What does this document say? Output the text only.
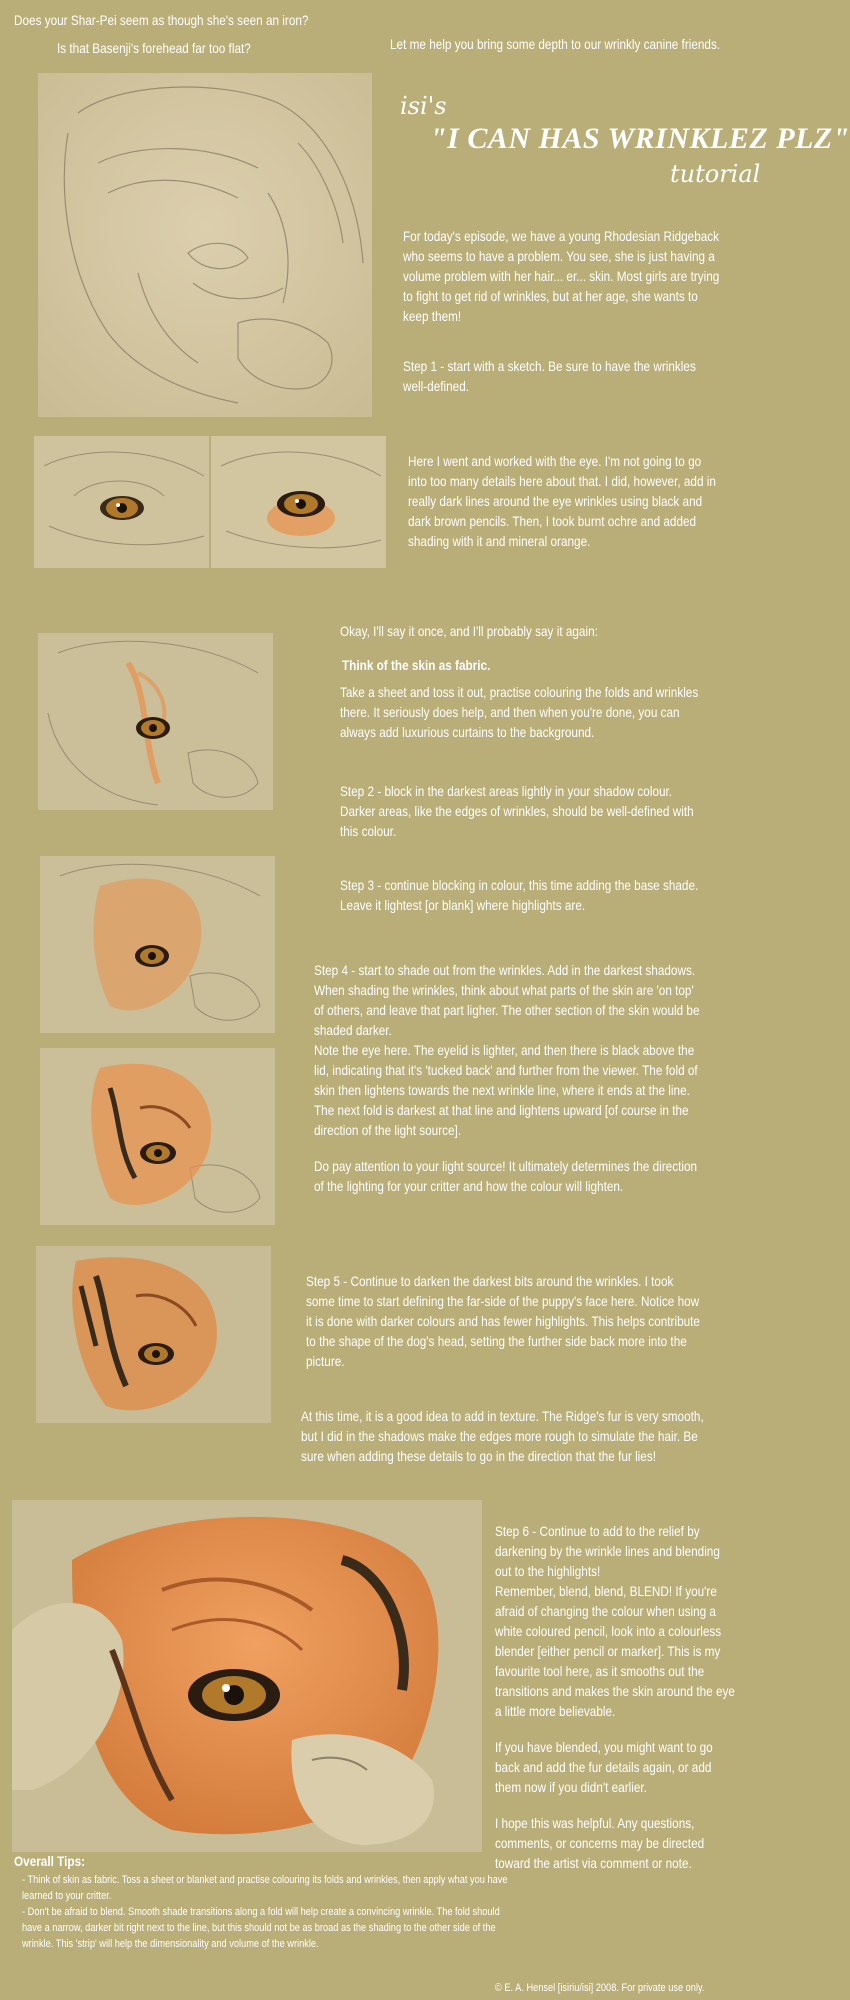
Does your Shar-Pei seem as though she's seen an iron?
Is that Basenji's forehead far too flat?	Let me help you bring some depth to our wrinkly canine friends.
isi's
"I CAN HAS WRINKLEZ PLZ"
tutorial

For today's episode, we have a young Rhodesian Ridgeback who seems to have a problem. You see, she is just having a volume problem with her hair... er... skin. Most girls are trying to fight to get rid of wrinkles, but at her age, she wants to keep them!

Step 1 - start with a sketch. Be sure to have the wrinkles well-defined.

Here I went and worked with the eye. I'm not going to go into too many details here about that. I did, however, add in really dark lines around the eye wrinkles using black and dark brown pencils. Then, I took burnt ochre and added shading with it and mineral orange.

Okay, I'll say it once, and I'll probably say it again:
Think of the skin as fabric.

Take a sheet and toss it out, practise colouring the folds and wrinkles there. It seriously does help, and then when you're done, you can always add luxurious curtains to the background.

Step 2 - block in the darkest areas lightly in your shadow colour. Darker areas, like the edges of wrinkles, should be well-defined with this colour.

Step 3 - continue blocking in colour, this time adding the base shade. Leave it lightest [or blank] where highlights are.

Step 4 - start to shade out from the wrinkles. Add in the darkest shadows. When shading the wrinkles, think about what parts of the skin are 'on top' of others, and leave that part ligher. The other section of the skin would be shaded darker.

Note the eye here. The eyelid is lighter, and then there is black above the lid, indicating that it's 'tucked back' and further from the viewer. The fold of skin then lightens towards the next wrinkle line, where it ends at the line. The next fold is darkest at that line and lightens upward [of course in the direction of the light source].

Do pay attention to your light source! It ultimately determines the direction of the lighting for your critter and how the colour will lighten.

Step 5 - Continue to darken the darkest bits around the wrinkles. I took some time to start defining the far-side of the puppy's face here. Notice how it is done with darker colours and has fewer highlights. This helps contribute to the shape of the dog's head, setting the further side back more into the picture.

At this time, it is a good idea to add in texture. The Ridge's fur is very smooth, but I did in the shadows make the edges more rough to simulate the hair. Be sure when adding these details to go in the direction that the fur lies!

Step 6 - Continue to add to the relief by darkening by the wrinkle lines and blending out to the highlights!

Remember, blend, blend, BLEND! If you're afraid of changing the colour when using a white coloured pencil, look into a colourless blender [either pencil or marker]. This is my favourite tool here, as it smooths out the transitions and makes the skin around the eye a little more believable.

If you have blended, you might want to go back and add the fur details again, or add them now if you didn't earlier.

I hope this was helpful. Any questions, comments, or concerns may be directed toward the artist via comment or note.

Overall Tips:

- Think of skin as fabric. Toss a sheet or blanket and practise colouring its folds and wrinkles, then apply what you have learned to your critter.

- Don't be afraid to blend. Smooth shade transitions along a fold will help create a convincing wrinkle. The fold should have a narrow, darker bit right next to the line, but this should not be as broad as the shading to the other side of the wrinkle. This 'strip' will help the dimensionality and volume of the wrinkle.

© E. A. Hensel [isiriu/isi] 2008. For private use only.
